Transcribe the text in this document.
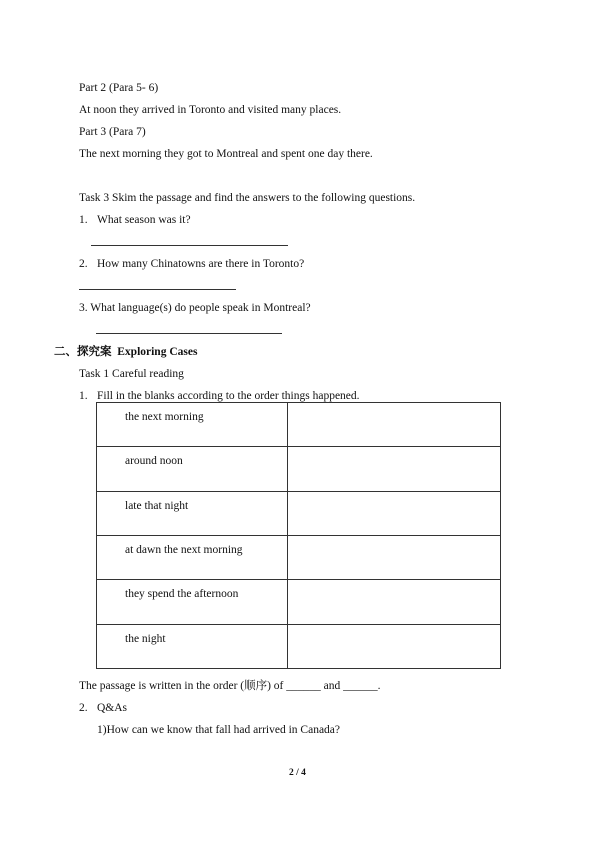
Part 2 (Para 5- 6)
At noon they arrived in Toronto and visited many places.
Part 3 (Para 7)
The next morning they got to Montreal and spent one day there.
Task 3 Skim the passage and find the answers to the following questions.
1. What season was it?
2. How many Chinatowns are there in Toronto?
3. What language(s) do people speak in Montreal?
二、探究案 Exploring Cases
Task 1 Careful reading
1. Fill in the blanks according to the order things happened.
the next morning	
around noon	
late that night	
at dawn the next morning	
they spend the afternoon	
the night	
The passage is written in the order (顺序) of ______ and ______.
2. Q&As
1)How can we know that fall had arrived in Canada?
2 / 4
